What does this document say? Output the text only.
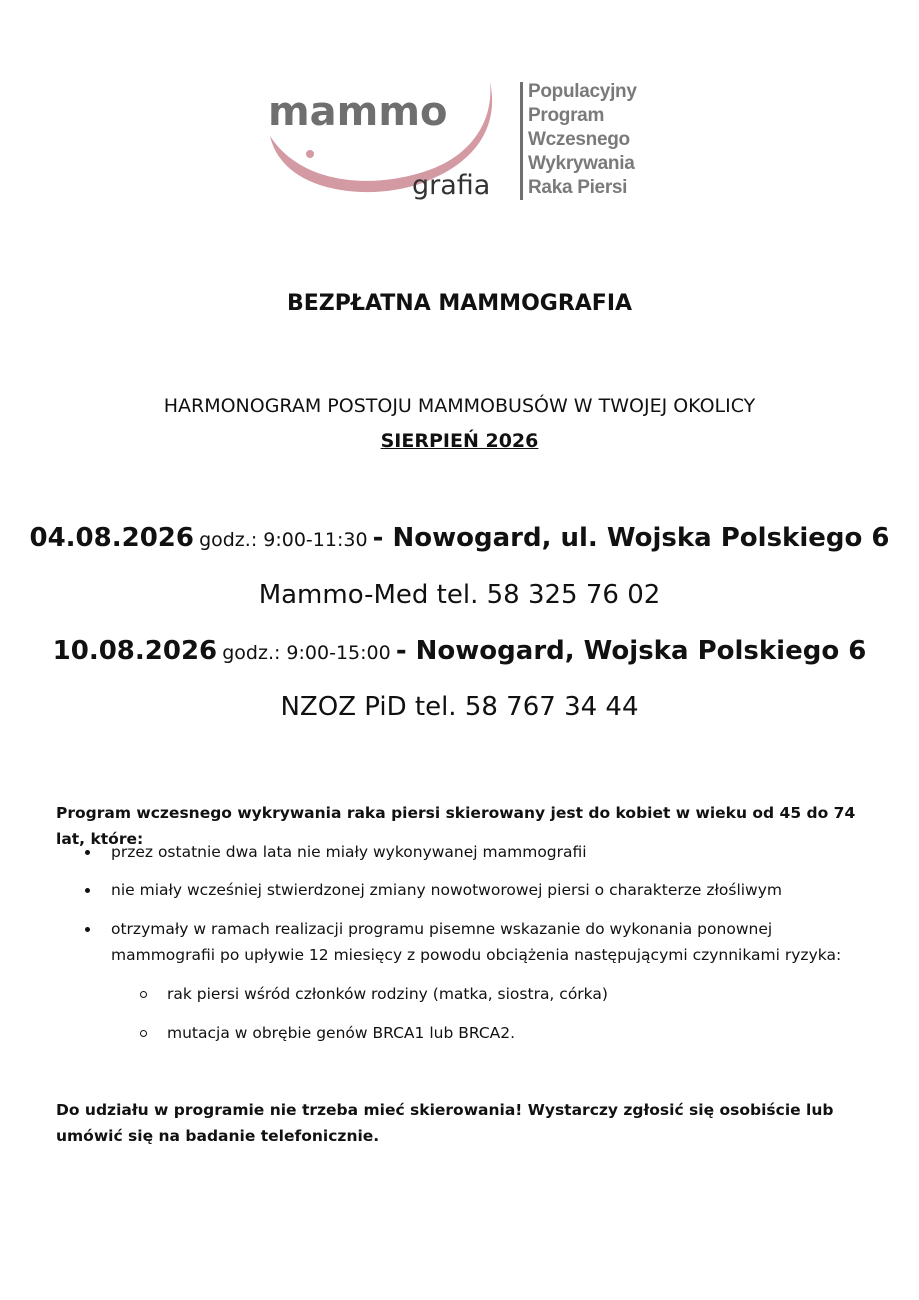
mammo
grafia
Populacyjny
Program
Wczesnego
Wykrywania
Raka Piersi
BEZPŁATNA MAMMOGRAFIA
HARMONOGRAM POSTOJU MAMMOBUSÓW W TWOJEJ OKOLICY
SIERPIEŃ 2026
04.08.2026 godz.: 9:00-11:30 - Nowogard, ul. Wojska Polskiego 6
Mammo-Med tel. 58 325 76 02
10.08.2026 godz.: 9:00-15:00 - Nowogard, Wojska Polskiego 6
NZOZ PiD tel. 58 767 34 44
Program wczesnego wykrywania raka piersi skierowany jest do kobiet w wieku od 45 do 74 lat, które:
przez ostatnie dwa lata nie miały wykonywanej mammografii
nie miały wcześniej stwierdzonej zmiany nowotworowej piersi o charakterze złośliwym
otrzymały w ramach realizacji programu pisemne wskazanie do wykonania ponownej mammografii po upływie 12 miesięcy z powodu obciążenia następującymi czynnikami ryzyka:
rak piersi wśród członków rodziny (matka, siostra, córka)
mutacja w obrębie genów BRCA1 lub BRCA2.
Do udziału w programie nie trzeba mieć skierowania! Wystarczy zgłosić się osobiście lub umówić się na badanie telefonicznie.
